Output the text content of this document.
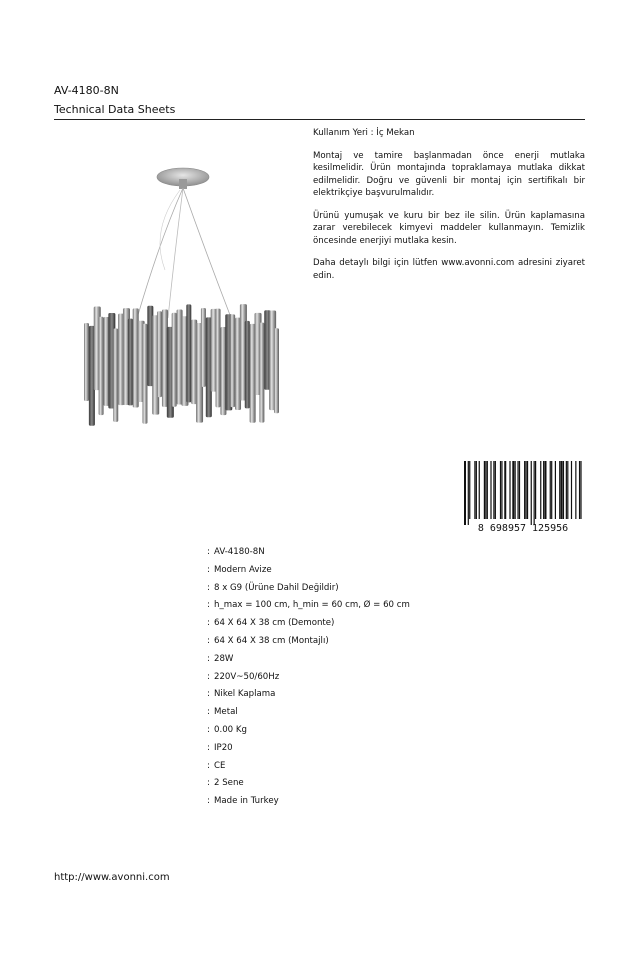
AV-4180-8N
Technical Data Sheets

Kullanım Yeri : İç Mekan

Montaj ve tamire başlanmadan önce enerji mutlaka kesilmelidir. Ürün montajında topraklamaya mutlaka dikkat edilmelidir. Doğru ve güvenli bir montaj için sertifikalı bir elektrikçiye başvurulmalıdır.

Ürünü yumuşak ve kuru bir bez ile silin. Ürün kaplamasına zarar verebilecek kimyevi maddeler kullanmayın. Temizlik öncesinde enerjiyi mutlaka kesin.

Daha detaylı bilgi için lütfen www.avonni.com adresini ziyaret edin.

8 698957 125956
: AV-4180-8N
: Modern Avize
: 8 x G9 (Ürüne Dahil Değildir)
: h_max = 100 cm, h_min = 60 cm, Ø = 60 cm
: 64 X 64 X 38 cm (Demonte)
: 64 X 64 X 38 cm (Montajlı)
: 28W
: 220V~50/60Hz
: Nikel Kaplama
: Metal
: 0.00 Kg
: IP20
: CE
: 2 Sene
: Made in Turkey
http://www.avonni.com
